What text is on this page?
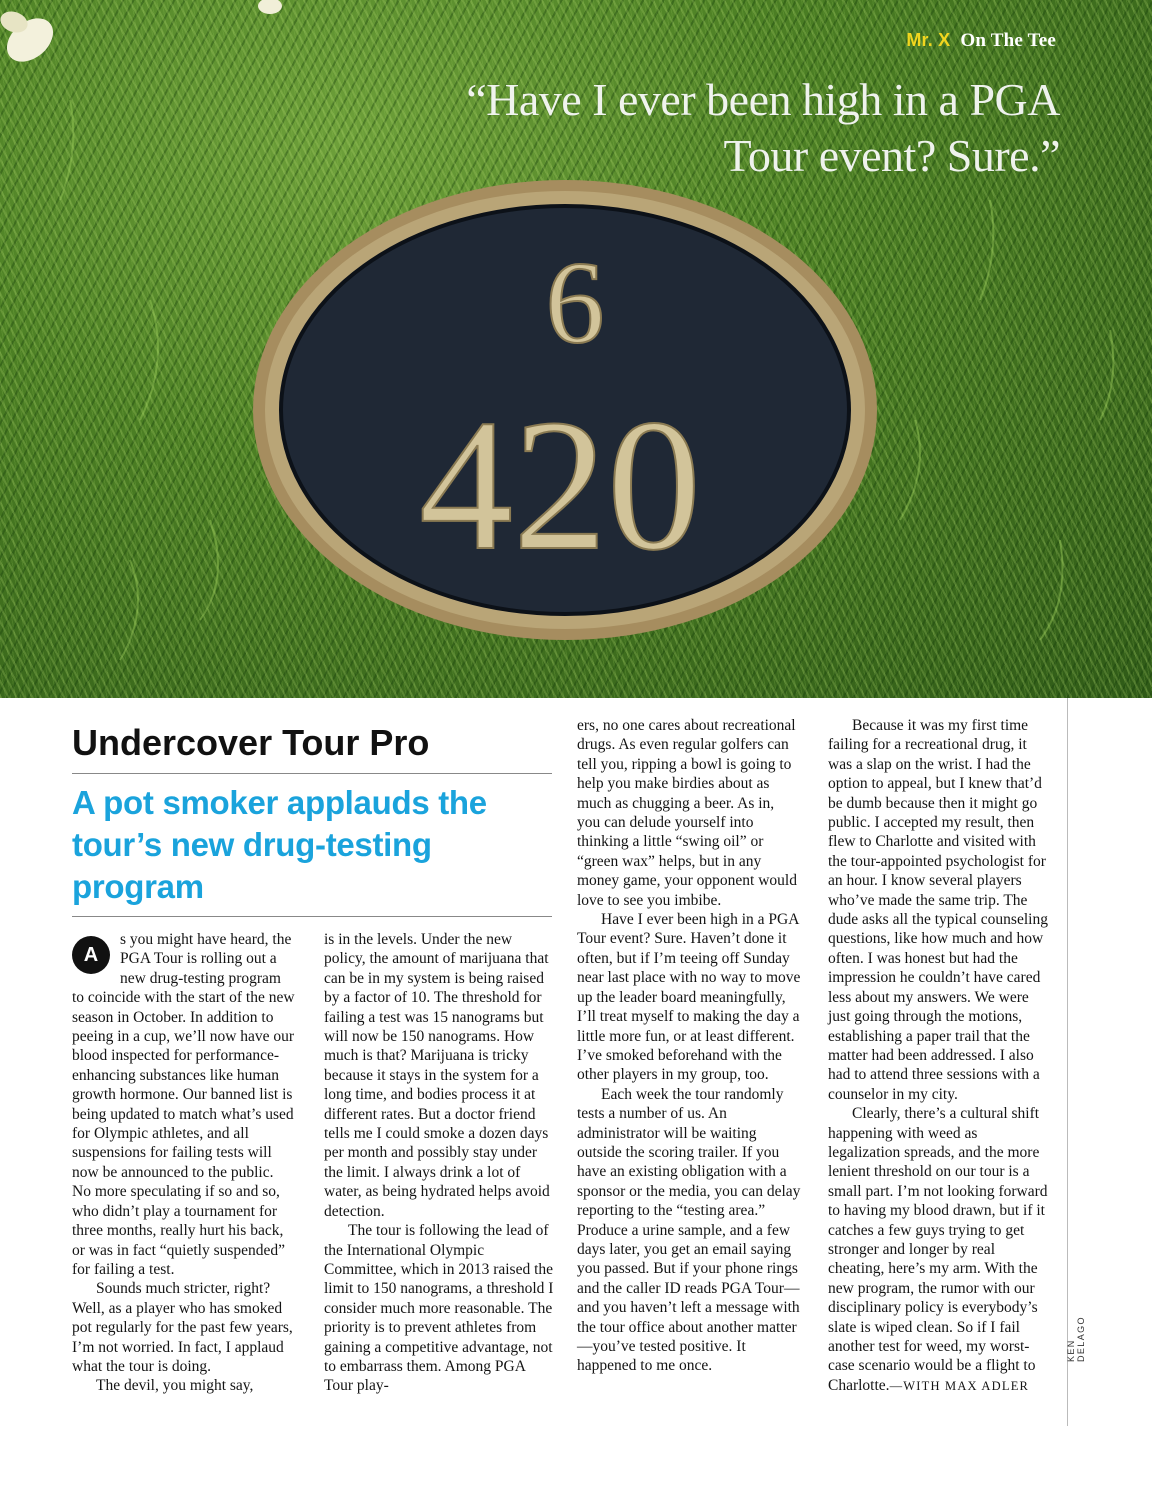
6
420
Mr. X On The Tee
“Have I ever been high in a PGA Tour event? Sure.”
Undercover Tour Pro
A pot smoker applauds the tour’s new drug-testing program
A

s you might have heard, the PGA Tour is rolling out a new drug-testing program to coincide with the start of the new season in October. In addition to peeing in a cup, we’ll now have our blood inspected for performance-enhancing substances like human growth hormone. Our banned list is being updated to match what’s used for Olympic athletes, and all suspensions for failing tests will now be announced to the public. No more speculating if so and so, who didn’t play a tournament for three months, really hurt his back, or was in fact “quietly suspended” for failing a test.

Sounds much stricter, right? Well, as a player who has smoked pot regularly for the past few years, I’m not worried. In fact, I applaud what the tour is doing.

The devil, you might say,

is in the levels. Under the new policy, the amount of marijuana that can be in my system is being raised by a factor of 10. The threshold for failing a test was 15 nanograms but will now be 150 nanograms. How much is that? Marijuana is tricky because it stays in the system for a long time, and bodies process it at different rates. But a doctor friend tells me I could smoke a dozen days per month and possibly stay under the limit. I always drink a lot of water, as being hydrated helps avoid detection.

The tour is following the lead of the International Olympic Committee, which in 2013 raised the limit to 150 nanograms, a threshold I consider much more reasonable. The priority is to prevent athletes from gaining a competitive advantage, not to embarrass them. Among PGA Tour play-

ers, no one cares about recreational drugs. As even regular golfers can tell you, ripping a bowl is going to help you make birdies about as much as chugging a beer. As in, you can delude yourself into thinking a little “swing oil” or “green wax” helps, but in any money game, your opponent would love to see you imbibe.

Have I ever been high in a PGA Tour event? Sure. Haven’t done it often, but if I’m teeing off Sunday near last place with no way to move up the leader board meaningfully, I’ll treat myself to making the day a little more fun, or at least different. I’ve smoked beforehand with the other players in my group, too.

Each week the tour randomly tests a number of us. An administrator will be waiting outside the scoring trailer. If you have an existing obligation with a sponsor or the media, you can delay reporting to the “testing area.” Produce a urine sample, and a few days later, you get an email saying you passed. But if your phone rings and the caller ID reads PGA Tour—and you haven’t left a message with the tour office about another matter—you’ve tested positive. It happened to me once.

Because it was my first time failing for a recreational drug, it was a slap on the wrist. I had the option to appeal, but I knew that’d be dumb because then it might go public. I accepted my result, then flew to Charlotte and visited with the tour-appointed psychologist for an hour. I know several players who’ve made the same trip. The dude asks all the typical counseling questions, like how much and how often. I was honest but had the impression he couldn’t have cared less about my answers. We were just going through the motions, establishing a paper trail that the matter had been addressed. I also had to attend three sessions with a counselor in my city.

Clearly, there’s a cultural shift happening with weed as legalization spreads, and the more lenient threshold on our tour is a small part. I’m not looking forward to having my blood drawn, but if it catches a few guys trying to get stronger and longer by real cheating, here’s my arm. With the new program, the rumor with our disciplinary policy is everybody’s slate is wiped clean. So if I fail another test for weed, my worst-case scenario would be a flight to Charlotte.—WITH MAX ADLER

KEN DELAGO
